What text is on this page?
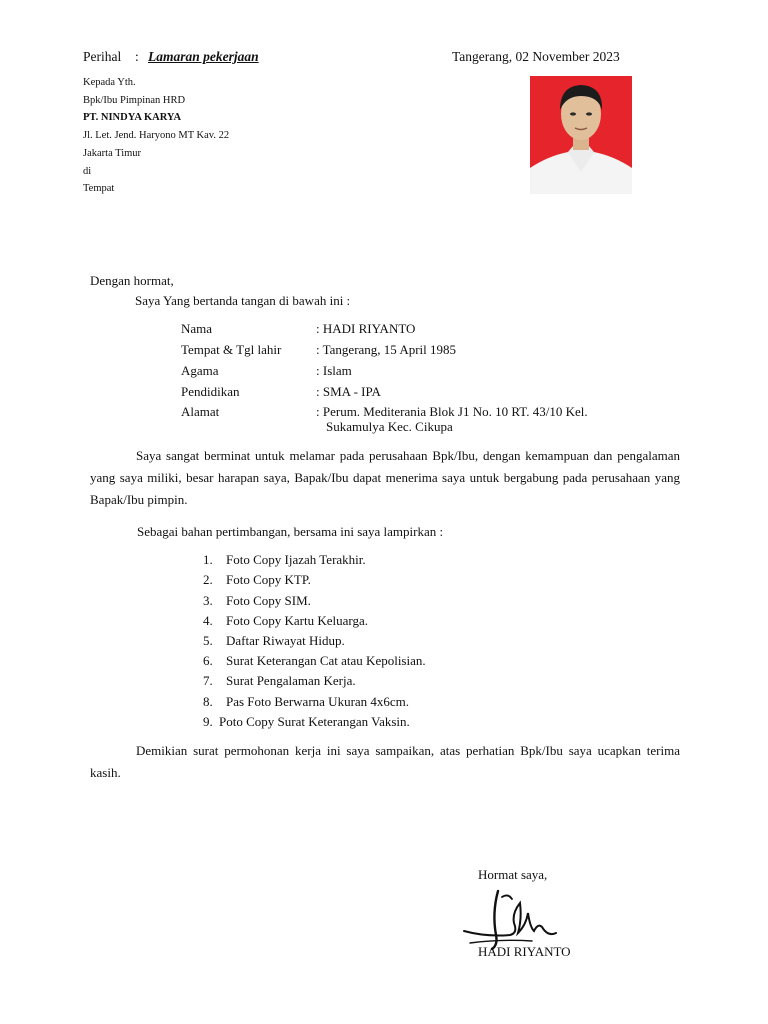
Perihal : Lamaran pekerjaan	Tangerang, 02 November 2023
Kepada Yth.
Bpk/Ibu Pimpinan HRD
PT. NINDYA KARYA
Jl. Let. Jend. Haryono MT Kav. 22
Jakarta Timur
di
Tempat
Dengan hormat,
Saya Yang bertanda tangan di bawah ini :
Nama	: HADI RIYANTO
Tempat & Tgl lahir	: Tangerang, 15 April 1985
Agama	: Islam
Pendidikan	: SMA - IPA
Alamat	: Perum. Mediterania Blok J1 No. 10 RT. 43/10 Kel.
Sukamulya Kec. Cikupa
Saya sangat berminat untuk melamar pada perusahaan Bpk/Ibu, dengan kemampuan dan pengalaman yang saya miliki, besar harapan saya, Bapak/Ibu dapat menerima saya untuk bergabung pada perusahaan yang Bapak/Ibu pimpin.
Sebagai bahan pertimbangan, bersama ini saya lampirkan :
1. Foto Copy Ijazah Terakhir.
2. Foto Copy KTP.
3. Foto Copy SIM.
4. Foto Copy Kartu Keluarga.
5. Daftar Riwayat Hidup.
6. Surat Keterangan Cat atau Kepolisian.
7. Surat Pengalaman Kerja.
8. Pas Foto Berwarna Ukuran 4x6cm.
9. Poto Copy Surat Keterangan Vaksin.
Demikian surat permohonan kerja ini saya sampaikan, atas perhatian Bpk/Ibu saya ucapkan terima kasih.
Hormat saya,
HADI RIYANTO
